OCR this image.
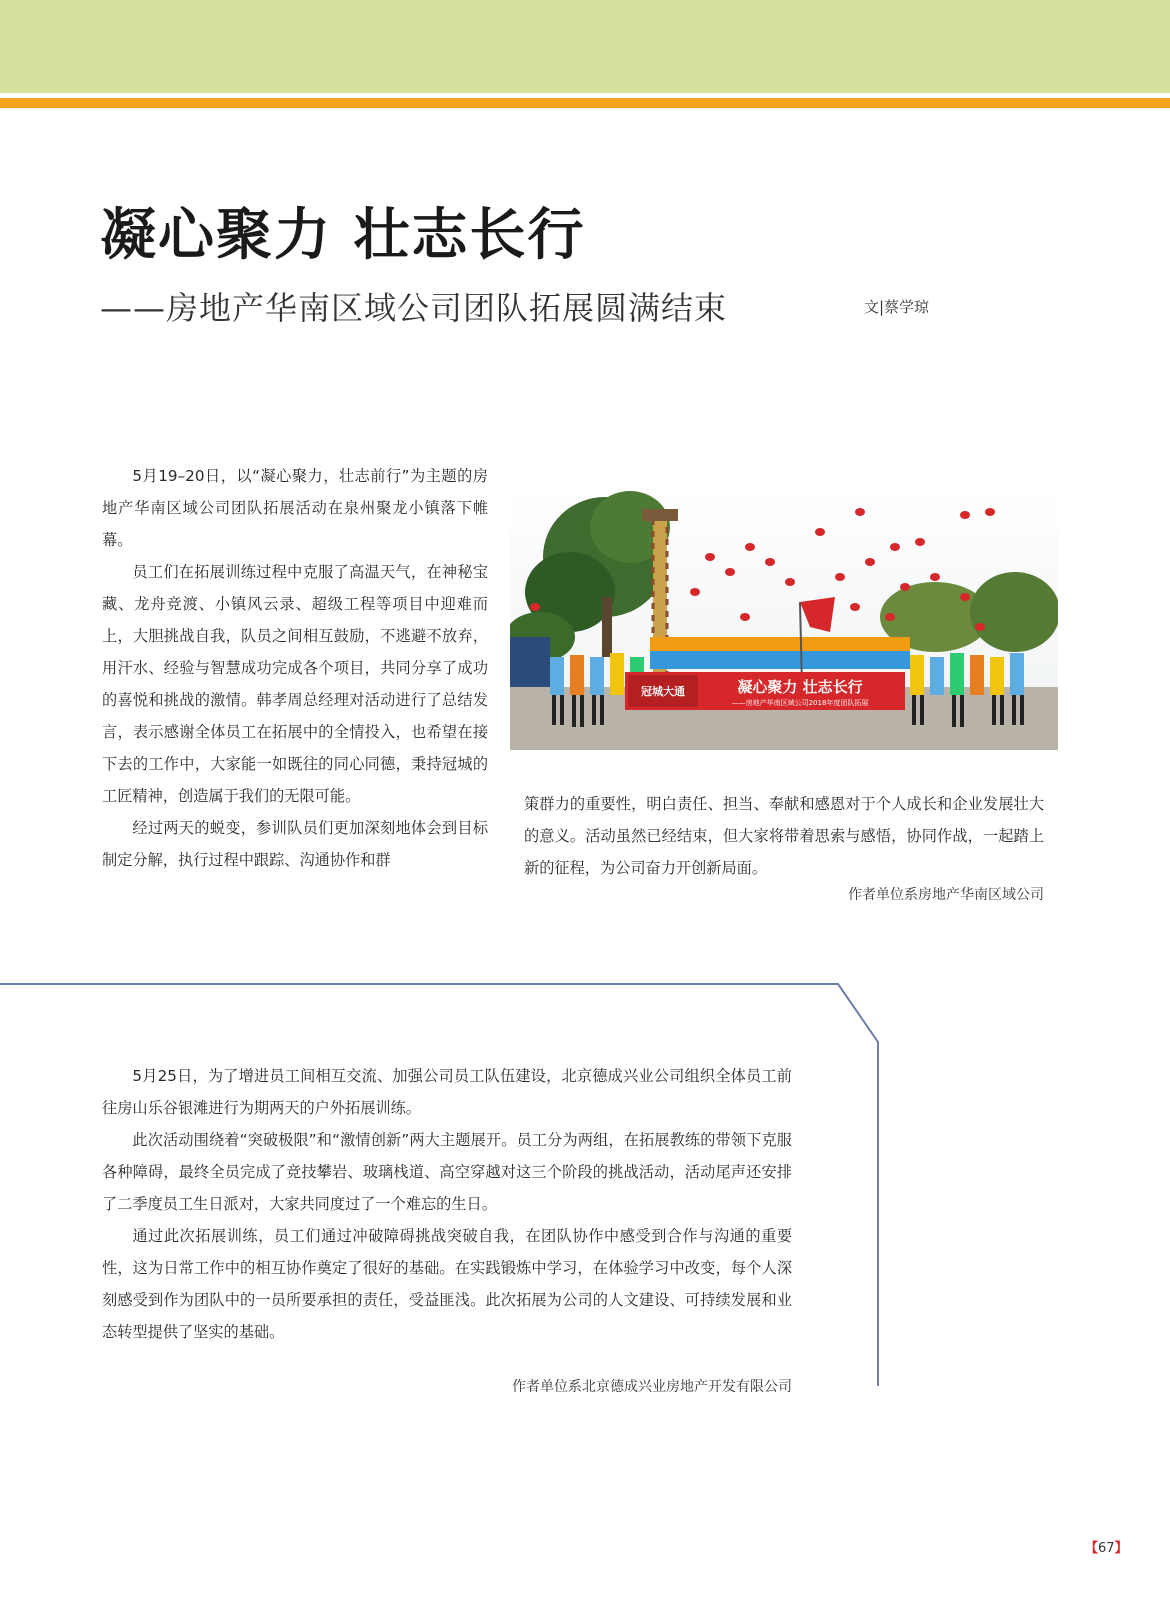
凝心聚力 壮志长行
——房地产华南区域公司团队拓展圆满结束	文|蔡学琼

5月19–20日，以“凝心聚力，壮志前行”为主题的房地产华南区域公司团队拓展活动在泉州聚龙小镇落下帷幕。

员工们在拓展训练过程中克服了高温天气，在神秘宝藏、龙舟竞渡、小镇风云录、超级工程等项目中迎难而上，大胆挑战自我，队员之间相互鼓励，不逃避不放弃，用汗水、经验与智慧成功完成各个项目，共同分享了成功的喜悦和挑战的激情。韩孝周总经理对活动进行了总结发言，表示感谢全体员工在拓展中的全情投入，也希望在接下去的工作中，大家能一如既往的同心同德，秉持冠城的工匠精神，创造属于我们的无限可能。

经过两天的蜕变，参训队员们更加深刻地体会到目标制定分解，执行过程中跟踪、沟通协作和群

冠城大通	凝心聚力 壮志长行
——房地产华南区域公司2018年度团队拓展

策群力的重要性，明白责任、担当、奉献和感恩对于个人成长和企业发展壮大的意义。活动虽然已经结束，但大家将带着思索与感悟，协同作战，一起踏上新的征程，为公司奋力开创新局面。

作者单位系房地产华南区域公司

5月25日，为了增进员工间相互交流、加强公司员工队伍建设，北京德成兴业公司组织全体员工前往房山乐谷银滩进行为期两天的户外拓展训练。

此次活动围绕着“突破极限”和“激情创新”两大主题展开。员工分为两组，在拓展教练的带领下克服各种障碍，最终全员完成了竞技攀岩、玻璃栈道、高空穿越对这三个阶段的挑战活动，活动尾声还安排了二季度员工生日派对，大家共同度过了一个难忘的生日。

通过此次拓展训练，员工们通过冲破障碍挑战突破自我，在团队协作中感受到合作与沟通的重要性，这为日常工作中的相互协作奠定了很好的基础。在实践锻炼中学习，在体验学习中改变，每个人深刻感受到作为团队中的一员所要承担的责任，受益匪浅。此次拓展为公司的人文建设、可持续发展和业态转型提供了坚实的基础。

作者单位系北京德成兴业房地产开发有限公司
【67】
